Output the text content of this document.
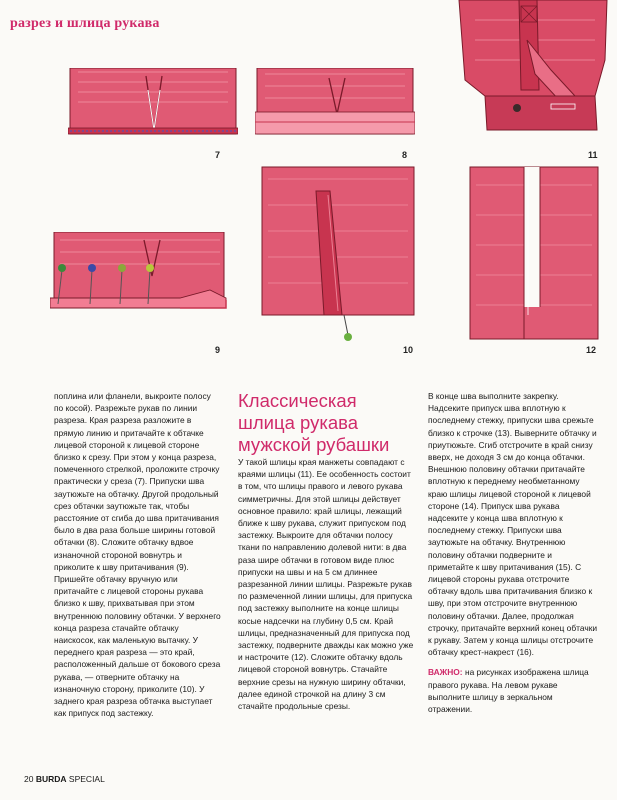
разрез и шлица рукава
7	8	11
9	10	12

поплина или фланели, выкроите полосу по косой). Разрежьте рукав по линии разреза. Края разреза разложите в прямую линию и притачайте к обтачке лицевой стороной к лицевой стороне близко к срезу. При этом у конца разреза, помеченного стрелкой, проложите строчку практически у среза (7). Припуски шва заутюжьте на обтачку. Другой продольный срез обтачки заутюжьте так, чтобы расстояние от сгиба до шва притачивания было в два раза больше ширины готовой обтачки (8). Сложите обтачку вдвое изнаночной стороной вовнутрь и приколите к шву притачивания (9). Пришейте обтачку вручную или притачайте с лицевой стороны рукава близко к шву, прихватывая при этом внутреннюю половину обтачки. У верхнего конца разреза стачайте обтачку наискосок, как маленькую вытачку. У переднего края разреза — это край, расположенный дальше от бокового среза рукава, — отверните обтачку на изнаночную сторону, приколите (10). У заднего края разреза обтачка выступает как припуск под застежку.

Классическая
шлица рукава
мужской рубашки

У такой шлицы края манжеты совпадают с краями шлицы (11). Ее особенность состоит в том, что шлицы правого и левого рукава симметричны. Для этой шлицы действует основное правило: край шлицы, лежащий ближе к шву рукава, служит припуском под застежку. Выкроите для обтачки полосу ткани по направлению долевой нити: в два раза шире обтачки в готовом виде плюс припуски на швы и на 5 см длиннее разрезанной линии шлицы. Разрежьте рукав по размеченной линии шлицы, для припуска под застежку выполните на конце шлицы косые надсечки на глубину 0,5 см. Край шлицы, предназначенный для припуска под застежку, подверните дважды как можно уже и настрочите (12). Сложите обтачку вдоль лицевой стороной вовнутрь. Стачайте верхние срезы на нужную ширину обтачки, далее единой строчкой на длину 3 см стачайте продольные срезы.

В конце шва выполните закрепку. Надсеките припуск шва вплотную к последнему стежку, припуски шва срежьте близко к строчке (13). Выверните обтачку и приутюжьте. Сгиб отстрочите в край снизу вверх, не доходя 3 см до конца обтачки. Внешнюю половину обтачки притачайте вплотную к переднему необметанному краю шлицы лицевой стороной к лицевой стороне (14). Припуск шва рукава надсеките у конца шва вплотную к последнему стежку. Припуски шва заутюжьте на обтачку. Внутреннюю половину обтачки подверните и приметайте к шву притачивания (15). С лицевой стороны рукава отстрочите обтачку вдоль шва притачивания близко к шву, при этом отстрочите внутреннюю половину обтачки. Далее, продолжая строчку, притачайте верхний конец обтачки к рукаву. Затем у конца шлицы отстрочите обтачку крест-накрест (16).

ВАЖНО: на рисунках изображена шлица правого рукава. На левом рукаве выполните шлицу в зеркальном отражении.

20 BURDA SPECIAL
